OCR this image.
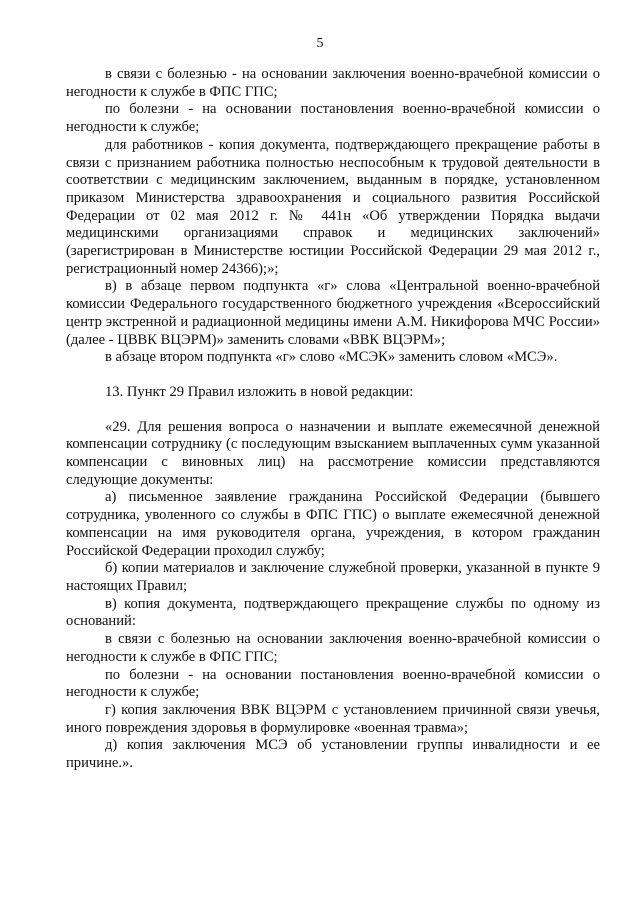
5

в связи с болезнью - на основании заключения военно-врачебной комиссии о негодности к службе в ФПС ГПС;

по болезни - на основании постановления военно-врачебной комиссии о негодности к службе;

для работников - копия документа, подтверждающего прекращение работы в связи с признанием работника полностью неспособным к трудовой деятельности в соответствии с медицинским заключением, выданным в порядке, установленном приказом Министерства здравоохранения и социального развития Российской Федерации от 02 мая 2012 г. № 441н «Об утверждении Порядка выдачи медицинскими организациями справок и медицинских заключений» (зарегистрирован в Министерстве юстиции Российской Федерации 29 мая 2012 г., регистрационный номер 24366);»;

в) в абзаце первом подпункта «г» слова «Центральной военно-врачебной комиссии Федерального государственного бюджетного учреждения «Всероссийский центр экстренной и радиационной медицины имени А.М. Никифорова МЧС России» (далее - ЦВВК ВЦЭРМ)» заменить словами «ВВК ВЦЭРМ»;

в абзаце втором подпункта «г» слово «МСЭК» заменить словом «МСЭ».

13. Пункт 29 Правил изложить в новой редакции:

«29. Для решения вопроса о назначении и выплате ежемесячной денежной компенсации сотруднику (с последующим взысканием выплаченных сумм указанной компенсации с виновных лиц) на рассмотрение комиссии представляются следующие документы:

а) письменное заявление гражданина Российской Федерации (бывшего сотрудника, уволенного со службы в ФПС ГПС) о выплате ежемесячной денежной компенсации на имя руководителя органа, учреждения, в котором гражданин Российской Федерации проходил службу;

б) копии материалов и заключение служебной проверки, указанной в пункте 9 настоящих Правил;

в) копия документа, подтверждающего прекращение службы по одному из оснований:

в связи с болезнью на основании заключения военно-врачебной комиссии о негодности к службе в ФПС ГПС;

по болезни - на основании постановления военно-врачебной комиссии о негодности к службе;

г) копия заключения ВВК ВЦЭРМ с установлением причинной связи увечья, иного повреждения здоровья в формулировке «военная травма»;

д) копия заключения МСЭ об установлении группы инвалидности и ее причине.».
